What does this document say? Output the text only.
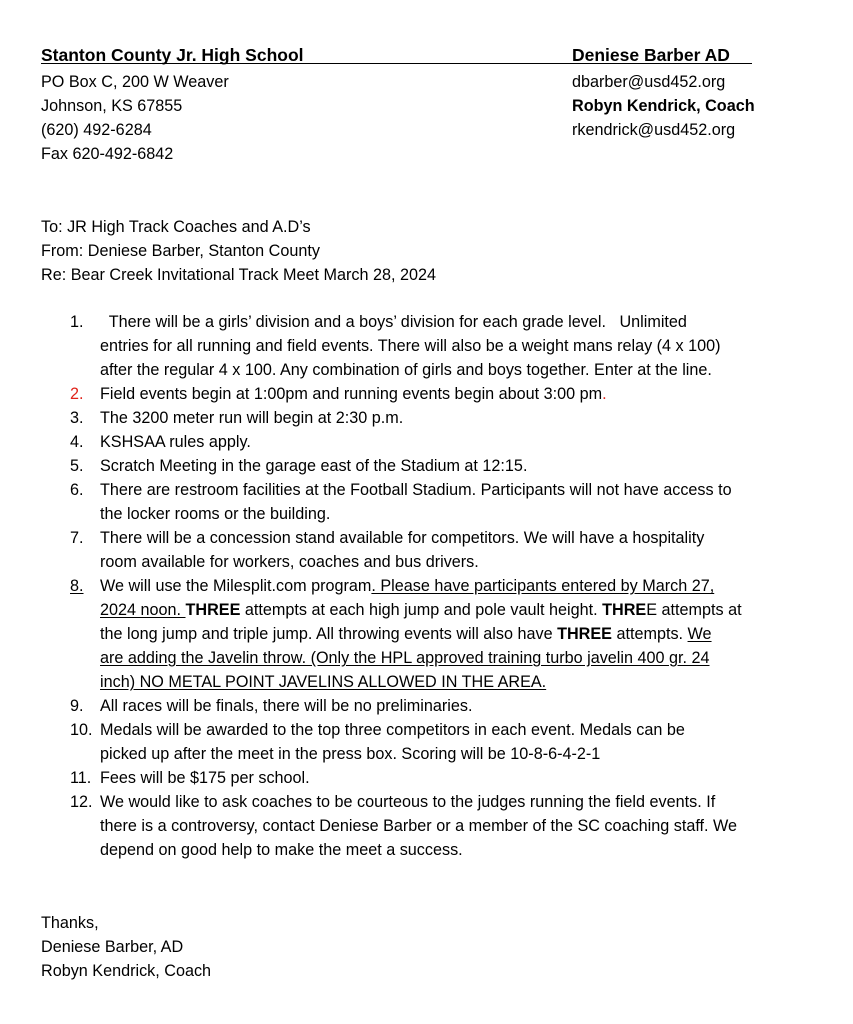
Stanton County Jr. High School	Deniese Barber AD
PO Box C, 200 W Weaver
Johnson, KS 67855
(620) 492-6284
Fax 620-492-6842
dbarber@usd452.org
Robyn Kendrick, Coach
rkendrick@usd452.org
To: JR High Track Coaches and A.D’s
From: Deniese Barber, Stanton County
Re: Bear Creek Invitational Track Meet March 28, 2024
1. There will be a girls’ division and a boys’ division for each grade level.   Unlimited
entries for all running and field events. There will also be a weight mans relay (4 x 100)
after the regular 4 x 100. Any combination of girls and boys together. Enter at the line.
2. Field events begin at 1:00pm and running events begin about 3:00 pm.
3. The 3200 meter run will begin at 2:30 p.m.
4. KSHSAA rules apply.
5. Scratch Meeting in the garage east of the Stadium at 12:15.
6. There are restroom facilities at the Football Stadium. Participants will not have access to
the locker rooms or the building.
7. There will be a concession stand available for competitors. We will have a hospitality
room available for workers, coaches and bus drivers.
8.	We will use the Milesplit.com program. Please have participants entered by March 27,
2024 noon. THREE attempts at each high jump and pole vault height. THREE attempts at
the long jump and triple jump. All throwing events will also have THREE attempts. We
are adding the Javelin throw. (Only the HPL approved training turbo javelin 400 gr. 24
inch) NO METAL POINT JAVELINS ALLOWED IN THE AREA.
9. All races will be finals, there will be no preliminaries.
10. Medals will be awarded to the top three competitors in each event. Medals can be
picked up after the meet in the press box. Scoring will be 10-8-6-4-2-1
11. Fees will be $175 per school.
12. We would like to ask coaches to be courteous to the judges running the field events. If
there is a controversy, contact Deniese Barber or a member of the SC coaching staff. We
depend on good help to make the meet a success.
Thanks,
Deniese Barber, AD
Robyn Kendrick, Coach
